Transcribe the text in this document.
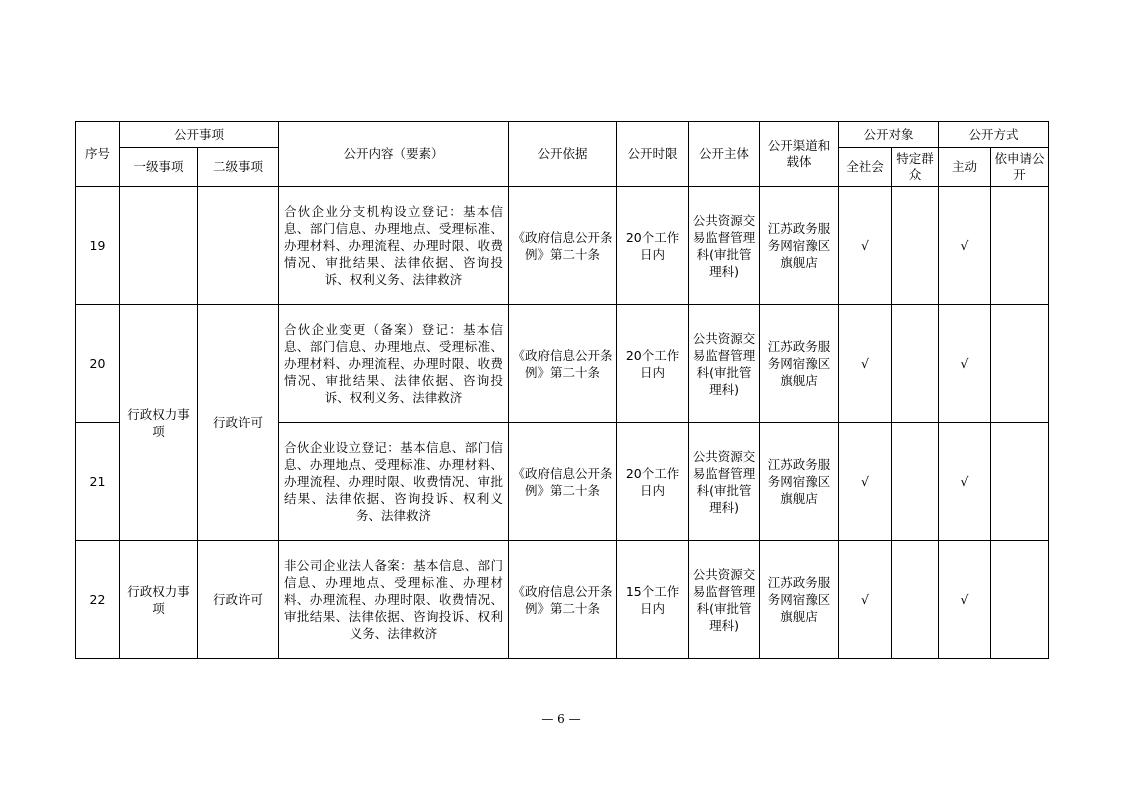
序号	公开事项		公开内容（要素）	公开依据	公开时限	公开主体	公开渠道和载体	公开对象		公开方式	
	一级事项	二级事项						全社会	特定群众	主动	依申请公开
19			合伙企业分支机构设立登记：基本信息、部门信息、办理地点、受理标准、办理材料、办理流程、办理时限、收费情况、审批结果、法律依据、咨询投诉、权利义务、法律救济	《政府信息公开条例》第二十条	20个工作日内	公共资源交易监督管理科(审批管理科)	江苏政务服务网宿豫区旗舰店	√		√	
20	行政权力事项	行政许可	合伙企业变更（备案）登记：基本信息、部门信息、办理地点、受理标准、办理材料、办理流程、办理时限、收费情况、审批结果、法律依据、咨询投诉、权利义务、法律救济	《政府信息公开条例》第二十条	20个工作日内	公共资源交易监督管理科(审批管理科)	江苏政务服务网宿豫区旗舰店	√		√	
21			合伙企业设立登记：基本信息、部门信息、办理地点、受理标准、办理材料、办理流程、办理时限、收费情况、审批结果、法律依据、咨询投诉、权利义务、法律救济	《政府信息公开条例》第二十条	20个工作日内	公共资源交易监督管理科(审批管理科)	江苏政务服务网宿豫区旗舰店	√		√	
22	行政权力事项	行政许可	非公司企业法人备案：基本信息、部门信息、办理地点、受理标准、办理材料、办理流程、办理时限、收费情况、审批结果、法律依据、咨询投诉、权利义务、法律救济	《政府信息公开条例》第二十条	15个工作日内	公共资源交易监督管理科(审批管理科)	江苏政务服务网宿豫区旗舰店	√		√	
— 6 —
